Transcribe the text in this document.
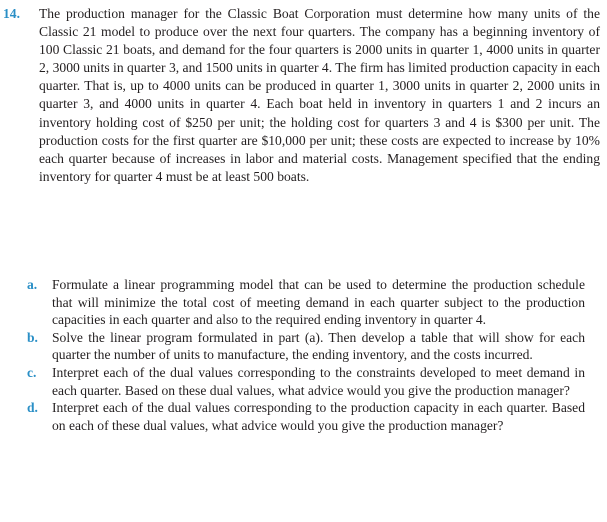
14. The production manager for the Classic Boat Corporation must determine how many units of the Classic 21 model to produce over the next four quarters. The company has a beginning inventory of 100 Classic 21 boats, and demand for the four quarters is 2000 units in quarter 1, 4000 units in quarter 2, 3000 units in quarter 3, and 1500 units in quarter 4. The firm has limited production capacity in each quarter. That is, up to 4000 units can be produced in quarter 1, 3000 units in quarter 2, 2000 units in quarter 3, and 4000 units in quarter 4. Each boat held in inventory in quarters 1 and 2 incurs an inventory holding cost of $250 per unit; the holding cost for quarters 3 and 4 is $300 per unit. The production costs for the first quarter are $10,000 per unit; these costs are expected to increase by 10% each quarter because of increases in labor and material costs. Management specified that the ending inventory for quarter 4 must be at least 500 boats.
a. Formulate a linear programming model that can be used to determine the production schedule that will minimize the total cost of meeting demand in each quarter subject to the production capacities in each quarter and also to the required ending inventory in quarter 4.
b. Solve the linear program formulated in part (a). Then develop a table that will show for each quarter the number of units to manufacture, the ending inventory, and the costs incurred.
c. Interpret each of the dual values corresponding to the constraints developed to meet demand in each quarter. Based on these dual values, what advice would you give the production manager?
d. Interpret each of the dual values corresponding to the production capacity in each quarter. Based on each of these dual values, what advice would you give the production manager?
